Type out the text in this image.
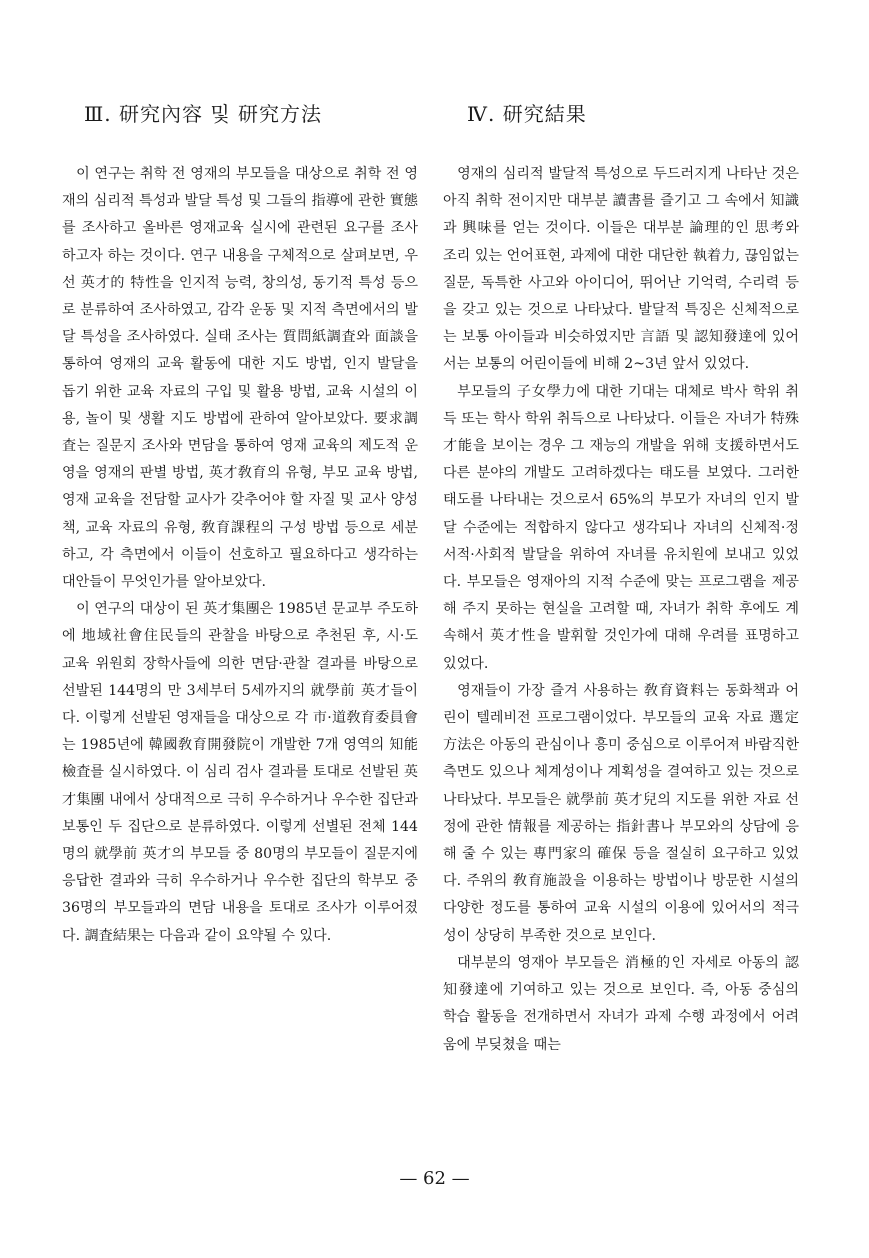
Ⅲ. 研究內容 및 研究方法

이 연구는 취학 전 영재의 부모들을 대상으로 취학 전 영재의 심리적 특성과 발달 특성 및 그들의 指導에 관한 實態를 조사하고 올바른 영재교육 실시에 관련된 요구를 조사하고자 하는 것이다. 연구 내용을 구체적으로 살펴보면, 우선 英才的 特性을 인지적 능력, 창의성, 동기적 특성 등으로 분류하여 조사하였고, 감각 운동 및 지적 측면에서의 발달 특성을 조사하였다. 실태 조사는 質問紙調査와 面談을 통하여 영재의 교육 활동에 대한 지도 방법, 인지 발달을 돕기 위한 교육 자료의 구입 및 활용 방법, 교육 시설의 이용, 놀이 및 생활 지도 방법에 관하여 알아보았다. 要求調査는 질문지 조사와 면담을 통하여 영재 교육의 제도적 운영을 영재의 판별 방법, 英才敎育의 유형, 부모 교육 방법, 영재 교육을 전담할 교사가 갖추어야 할 자질 및 교사 양성책, 교육 자료의 유형, 敎育課程의 구성 방법 등으로 세분하고, 각 측면에서 이들이 선호하고 필요하다고 생각하는 대안들이 무엇인가를 알아보았다.

이 연구의 대상이 된 英才集團은 1985년 문교부 주도하에 地域社會住民들의 관찰을 바탕으로 추천된 후, 시·도 교육 위원회 장학사들에 의한 면담·관찰 결과를 바탕으로 선발된 144명의 만 3세부터 5세까지의 就學前 英才들이다. 이렇게 선발된 영재들을 대상으로 각 市·道敎育委員會는 1985년에 韓國敎育開發院이 개발한 7개 영역의 知能檢査를 실시하였다. 이 심리 검사 결과를 토대로 선발된 英才集團 내에서 상대적으로 극히 우수하거나 우수한 집단과 보통인 두 집단으로 분류하였다. 이렇게 선별된 전체 144명의 就學前 英才의 부모들 중 80명의 부모들이 질문지에 응답한 결과와 극히 우수하거나 우수한 집단의 학부모 중 36명의 부모들과의 면담 내용을 토대로 조사가 이루어졌다. 調査結果는 다음과 같이 요약될 수 있다.

Ⅳ. 研究結果

영재의 심리적 발달적 특성으로 두드러지게 나타난 것은 아직 취학 전이지만 대부분 讀書를 즐기고 그 속에서 知識과 興味를 얻는 것이다. 이들은 대부분 論理的인 思考와 조리 있는 언어표현, 과제에 대한 대단한 執着力, 끊임없는 질문, 독특한 사고와 아이디어, 뛰어난 기억력, 수리력 등을 갖고 있는 것으로 나타났다. 발달적 특징은 신체적으로는 보통 아이들과 비슷하였지만 言語 및 認知發達에 있어서는 보통의 어린이들에 비해 2~3년 앞서 있었다.

부모들의 子女學力에 대한 기대는 대체로 박사 학위 취득 또는 학사 학위 취득으로 나타났다. 이들은 자녀가 特殊才能을 보이는 경우 그 재능의 개발을 위해 支援하면서도 다른 분야의 개발도 고려하겠다는 태도를 보였다. 그러한 태도를 나타내는 것으로서 65%의 부모가 자녀의 인지 발달 수준에는 적합하지 않다고 생각되나 자녀의 신체적·정서적·사회적 발달을 위하여 자녀를 유치원에 보내고 있었다. 부모들은 영재아의 지적 수준에 맞는 프로그램을 제공해 주지 못하는 현실을 고려할 때, 자녀가 취학 후에도 계속해서 英才性을 발휘할 것인가에 대해 우려를 표명하고 있었다.

영재들이 가장 즐겨 사용하는 敎育資料는 동화책과 어린이 텔레비전 프로그램이었다. 부모들의 교육 자료 選定方法은 아동의 관심이나 흥미 중심으로 이루어져 바람직한 측면도 있으나 체계성이나 계획성을 결여하고 있는 것으로 나타났다. 부모들은 就學前 英才兒의 지도를 위한 자료 선정에 관한 情報를 제공하는 指針書나 부모와의 상담에 응해 줄 수 있는 專門家의 確保 등을 절실히 요구하고 있었다. 주위의 敎育施設을 이용하는 방법이나 방문한 시설의 다양한 정도를 통하여 교육 시설의 이용에 있어서의 적극성이 상당히 부족한 것으로 보인다.

대부분의 영재아 부모들은 消極的인 자세로 아동의 認知發達에 기여하고 있는 것으로 보인다. 즉, 아동 중심의 학습 활동을 전개하면서 자녀가 과제 수행 과정에서 어려움에 부딪쳤을 때는

— 62 —
